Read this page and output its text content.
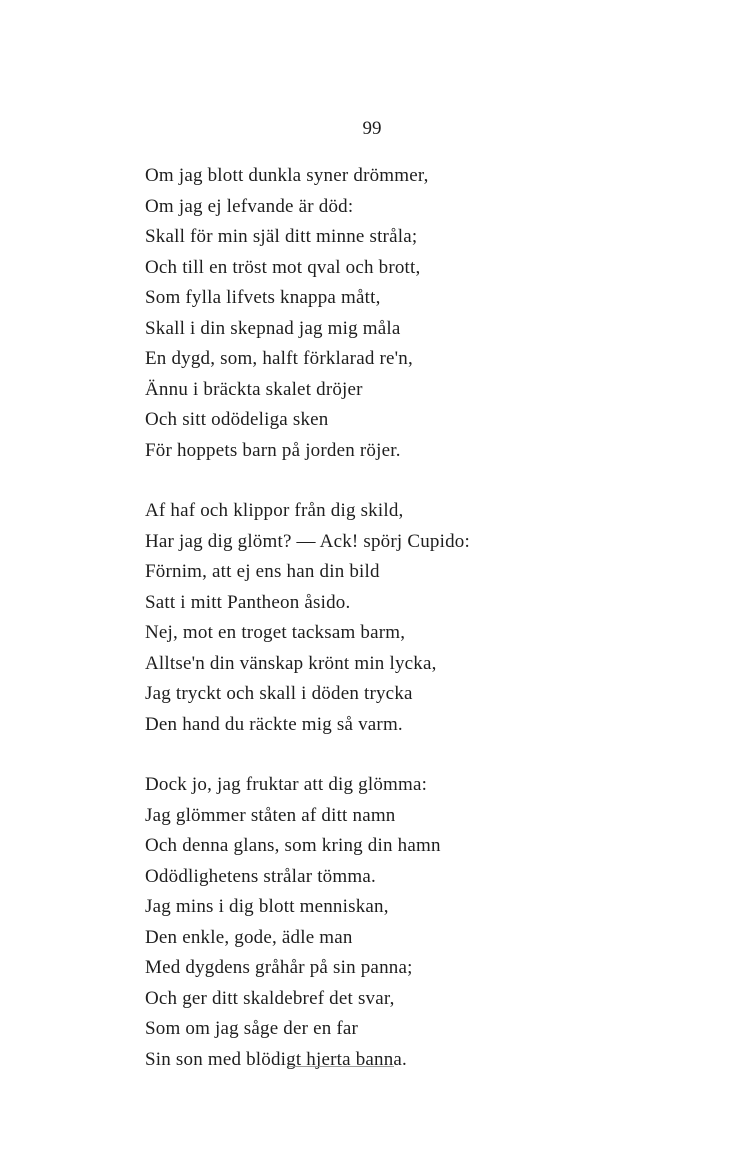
99
Om jag blott dunkla syner drömmer,
Om jag ej lefvande är död:
Skall för min själ ditt minne stråla;
Och till en tröst mot qval och brott,
Som fylla lifvets knappa mått,
Skall i din skepnad jag mig måla
En dygd, som, halft förklarad re'n,
Ännu i bräckta skalet dröjer
Och sitt odödeliga sken
För hoppets barn på jorden röjer.
Af haf och klippor från dig skild,
Har jag dig glömt? — Ack! spörj Cupido:
Förnim, att ej ens han din bild
Satt i mitt Pantheon åsido.
Nej, mot en troget tacksam barm,
Alltse'n din vänskap krönt min lycka,
Jag tryckt och skall i döden trycka
Den hand du räckte mig så varm.
Dock jo, jag fruktar att dig glömma:
Jag glömmer ståten af ditt namn
Och denna glans, som kring din hamn
Odödlighetens strålar tömma.
Jag mins i dig blott menniskan,
Den enkle, gode, ädle man
Med dygdens gråhår på sin panna;
Och ger ditt skaldebref det svar,
Som om jag såge der en far
Sin son med blödigt hjerta banna.
